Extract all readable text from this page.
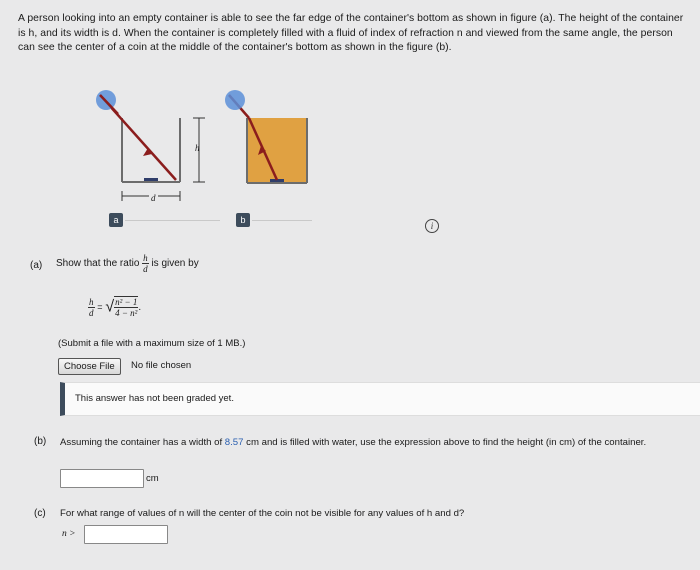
A person looking into an empty container is able to see the far edge of the container's bottom as shown in figure (a). The height of the container is h, and its width is d. When the container is completely filled with a fluid of index of refraction n and viewed from the same angle, the person can see the center of a coin at the middle of the container's bottom as shown in the figure (b).
h
d
a	b
i
(a) Show that the ratio $\frac{h}{d}$ is given by
$\frac{h}{d}$ = √ $\frac{\text{n² − 1}}{\text{4 − n²}}$ .
(Submit a file with a maximum size of 1 MB.)
Choose File	No file chosen
This answer has not been graded yet.
(b) Assuming the container has a width of 8.57 cm and is filled with water, use the expression above to find the height (in cm) of the container.
cm
(c) For what range of values of n will the center of the coin not be visible for any values of h and d?
n >
